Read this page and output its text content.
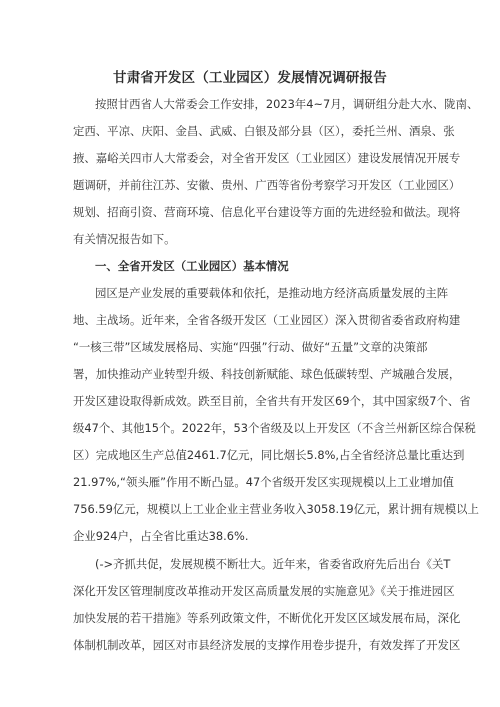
甘肃省开发区（工业园区）发展情况调研报告
按照甘西省人大常委会工作安排，2023年4~7月，调研组分赴大水、陇南、
定西、平凉、庆阳、金昌、武威、白银及部分县（区），委托兰州、酒泉、张
掖、嘉峪关四市人大常委会，对全省开发区（工业园区）建设发展情况开展专
题调研，并前往江苏、安徽、贵州、广西等省份考察学习开发区（工业园区）
规划、招商引资、营商环境、信息化平台建设等方面的先进经验和做法。现将
有关情况报告如下。
一、全省开发区（工业园区）基本情况
园区是产业发展的重要载体和依托，是推动地方经济高质量发展的主阵
地、主战场。近年来，全省各级开发区（工业园区）深入贯彻省委省政府构建
“一核三带”区域发展格局、实施“四强”行动、做好“五量”文章的决策部
署，加快推动产业转型升级、科技创新赋能、球色低碳转型、产城融合发展，
开发区建设取得新成效。跌至目前，全省共有开发区69个，其中国家级7个、省
级47个、其他15个。2022年，53个省级及以上开发区（不含兰州新区综合保税
区）完成地区生产总值2461.7亿元，同比烟长5.8%,占全省经济总量比重达到
21.97%,“领头雁”作用不断凸显。47个省级开发区实现规模以上工业增加值
756.59亿元，规模以上工业企业主营业务收入3058.19亿元，累计拥有规模以上
企业924户，占全省比重达38.6%.
(->齐抓共促，发展规模不断壮大。近年来，省委省政府先后出台《关T
深化开发区管理制度改革推动开发区高质量发展的实施意见》《关于推进园区
加快发展的若干措施》等系列政策文件，不断优化开发区区域发展布局，深化
体制机制改革，园区对市县经济发展的支撑作用卷步提升，有效发挥了开发区
